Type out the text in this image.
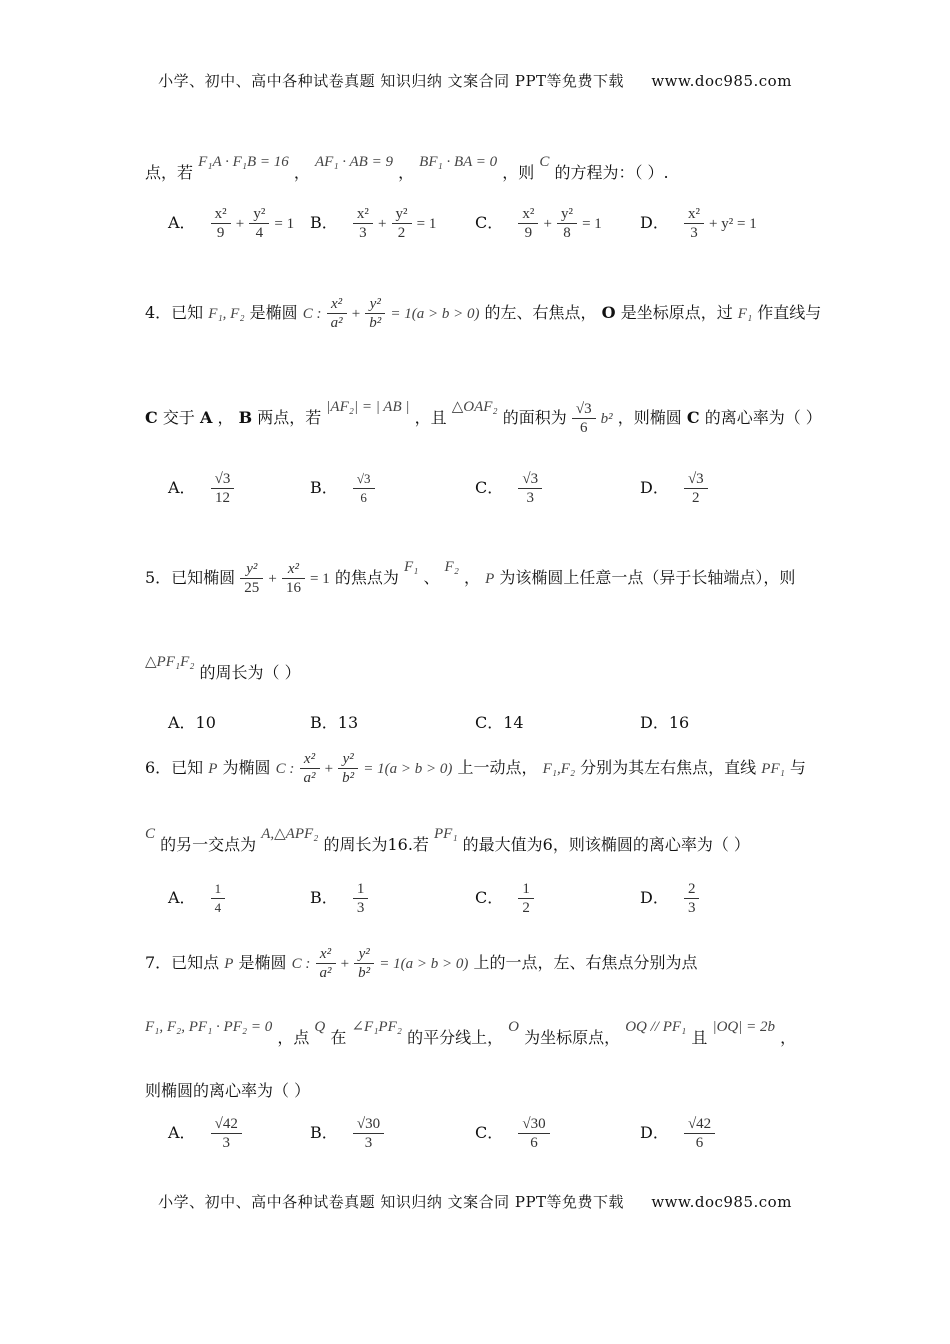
小学、初中、高中各种试卷真题 知识归纳 文案合同 PPT等免费下载 www.doc985.com
点，若 F₁A · F₁B = 16 ， AF₁ · AB = 9 ， BF₁ · BA = 0 ，则 C 的方程为：（ ）.
A． $\frac{\text{x²}}{9} + \frac{\text{y²}}{4} = 1$ B． $\frac{\text{x²}}{3} + \frac{\text{y²}}{2} = 1$ C． $\frac{\text{x²}}{9} + \frac{\text{y²}}{8} = 1$ D． $\frac{\text{x²}}{3} + y^2 = 1$
4．已知 F₁, F₂ 是椭圆 C : $\frac{\text{x²}}{\text{a²}} + \frac{\text{y²}}{\text{b²}} = 1(a > b > 0)$ 的左、右焦点， O 是坐标原点，过 F₁ 作直线与
C 交于 A ， B 两点，若 |AF₂| = | AB | ，且 △OAF₂ 的面积为 $\frac{√3}{6} b^2$ ，则椭圆 C 的离心率为（ ）
A． $\frac{√3}{12}$	B． $\frac{√3}{6}$	C． $\frac{√3}{3}$	D． $\frac{√3}{2}$
5．已知椭圆 $\frac{\text{y²}}{25} + \frac{\text{x²}}{16} = 1$ 的焦点为 F₁ 、 F₂ ， P 为该椭圆上任意一点（异于长轴端点），则
△PF₁F₂ 的周长为（ ）
A．10	B．13	C．14	D．16
6．已知 P 为椭圆 C : $\frac{\text{x²}}{\text{a²}} + \frac{\text{y²}}{\text{b²}} = 1(a > b > 0)$ 上一动点， F₁,F₂ 分别为其左右焦点，直线 PF₁ 与
C 的另一交点为 A,△APF₂ 的周长为16.若 PF₁ 的最大值为6，则该椭圆的离心率为（ ）
A． $\frac{1}{4}$	B． $\frac{1}{3}$	C． $\frac{1}{2}$	D． $\frac{2}{3}$
7．已知点 P 是椭圆 C : $\frac{\text{x²}}{\text{a²}} + \frac{\text{y²}}{\text{b²}} = 1(a > b > 0)$ 上的一点，左、右焦点分别为点
F₁, F₂, PF₁ · PF₂ = 0 ，点 Q 在 ∠F₁PF₂ 的平分线上， O 为坐标原点， OQ // PF₁ 且 |OQ| = 2b ，
则椭圆的离心率为（ ）
A． $\frac{√42}{3}$	B． $\frac{√30}{3}$	C． $\frac{√30}{6}$	D． $\frac{√42}{6}$
小学、初中、高中各种试卷真题 知识归纳 文案合同 PPT等免费下载 www.doc985.com
